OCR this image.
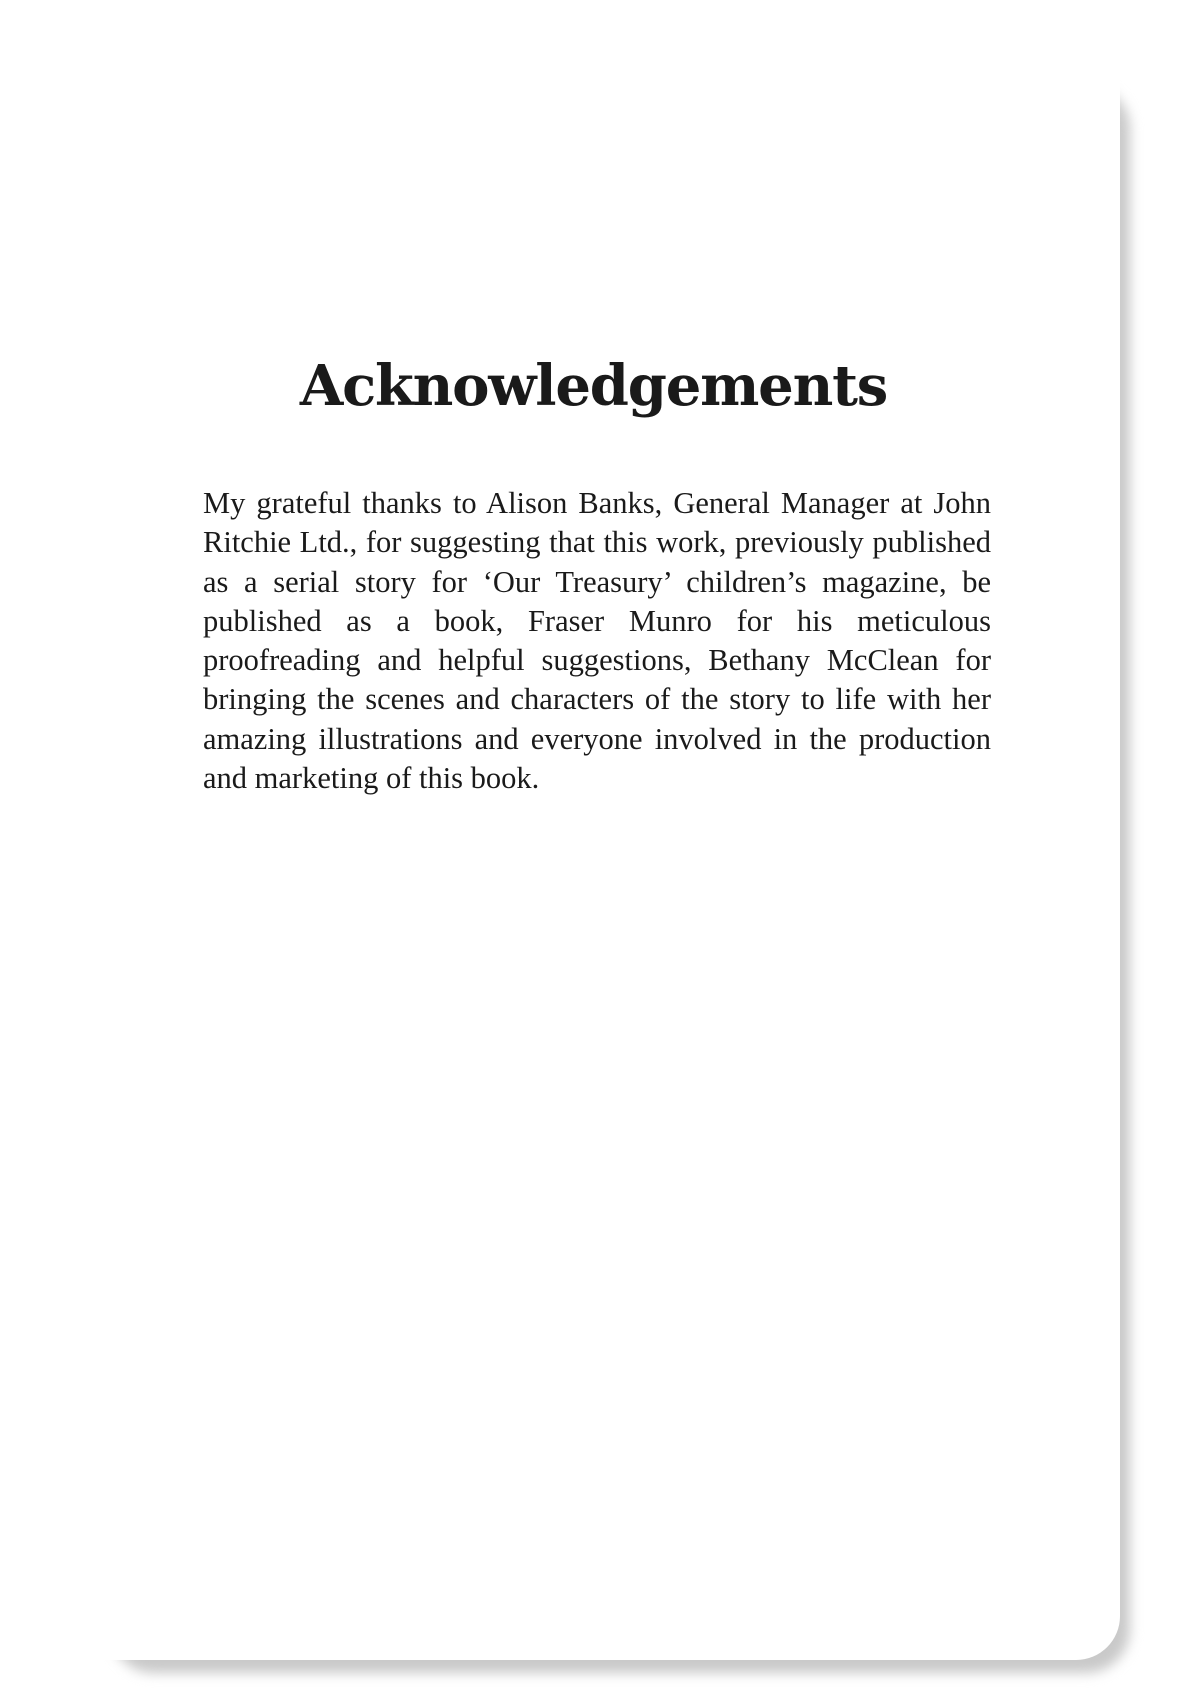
Acknowledgements

My grateful thanks to Alison Banks, General Manager at John Ritchie Ltd., for suggesting that this work, previously published as a serial story for ‘Our Treasury’ children’s magazine, be published as a book, Fraser Munro for his meticulous proofreading and helpful suggestions, Bethany McClean for bringing the scenes and characters of the story to life with her amazing illustrations and everyone involved in the production and marketing of this book.
